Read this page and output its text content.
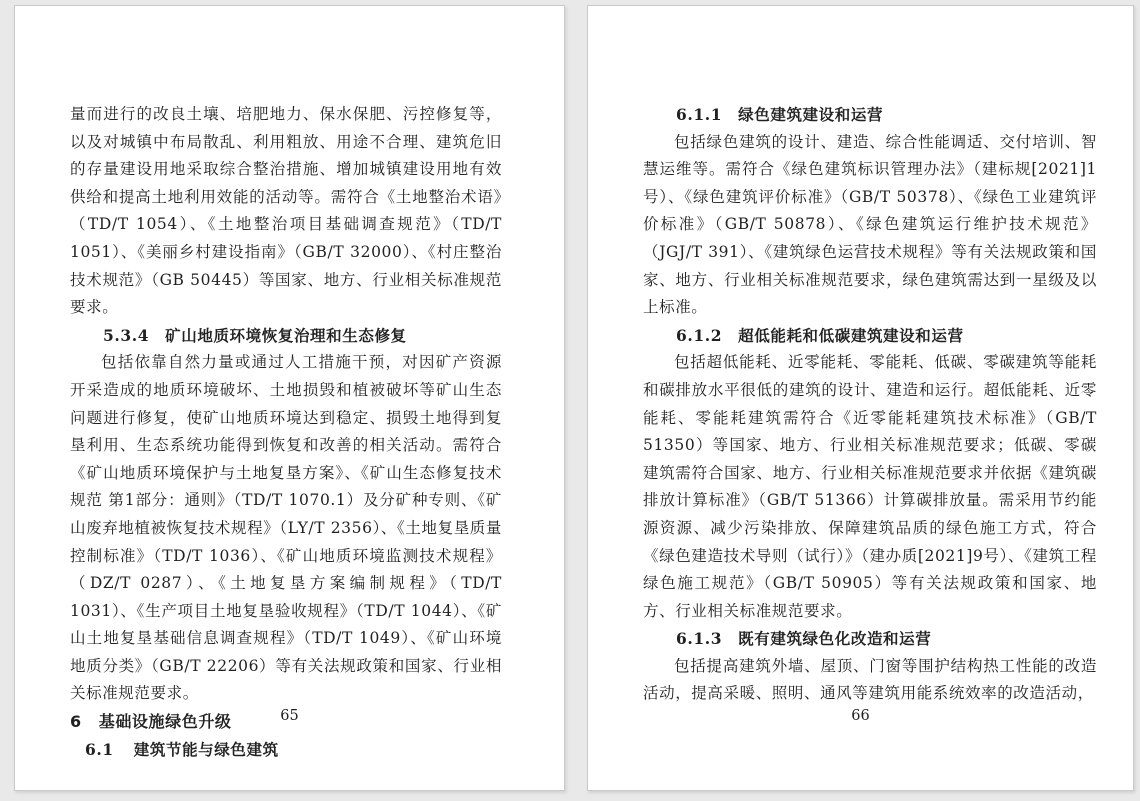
量而进行的改良土壤、培肥地力、保水保肥、污控修复等，以及对城镇中布局散乱、利用粗放、用途不合理、建筑危旧的存量建设用地采取综合整治措施、增加城镇建设用地有效供给和提高土地利用效能的活动等。需符合《土地整治术语》（TD/T 1054）、《土地整治项目基础调查规范》（TD/T 1051）、《美丽乡村建设指南》（GB/T 32000）、《村庄整治技术规范》（GB 50445）等国家、地方、行业相关标准规范要求。

5.3.4 矿山地质环境恢复治理和生态修复

包括依靠自然力量或通过人工措施干预，对因矿产资源开采造成的地质环境破坏、土地损毁和植被破坏等矿山生态问题进行修复，使矿山地质环境达到稳定、损毁土地得到复垦利用、生态系统功能得到恢复和改善的相关活动。需符合《矿山地质环境保护与土地复垦方案》、《矿山生态修复技术规范 第1部分：通则》（TD/T 1070.1）及分矿种专则、《矿山废弃地植被恢复技术规程》（LY/T 2356）、《土地复垦质量控制标准》（TD/T 1036）、《矿山地质环境监测技术规程》（DZ/T 0287）、《土地复垦方案编制规程》（TD/T 1031）、《生产项目土地复垦验收规程》（TD/T 1044）、《矿山土地复垦基础信息调查规程》（TD/T 1049）、《矿山环境地质分类》（GB/T 22206）等有关法规政策和国家、行业相关标准规范要求。

6 基础设施绿色升级
6.1 建筑节能与绿色建筑
65
6.1.1 绿色建筑建设和运营

包括绿色建筑的设计、建造、综合性能调适、交付培训、智慧运维等。需符合《绿色建筑标识管理办法》（建标规[2021]1号）、《绿色建筑评价标准》（GB/T 50378）、《绿色工业建筑评价标准》（GB/T 50878）、《绿色建筑运行维护技术规范》（JGJ/T 391）、《建筑绿色运营技术规程》等有关法规政策和国家、地方、行业相关标准规范要求，绿色建筑需达到一星级及以上标准。

6.1.2 超低能耗和低碳建筑建设和运营

包括超低能耗、近零能耗、零能耗、低碳、零碳建筑等能耗和碳排放水平很低的建筑的设计、建造和运行。超低能耗、近零能耗、零能耗建筑需符合《近零能耗建筑技术标准》（GB/T 51350）等国家、地方、行业相关标准规范要求；低碳、零碳建筑需符合国家、地方、行业相关标准规范要求并依据《建筑碳排放计算标准》（GB/T 51366）计算碳排放量。需采用节约能源资源、减少污染排放、保障建筑品质的绿色施工方式，符合《绿色建造技术导则（试行）》（建办质[2021]9号）、《建筑工程绿色施工规范》（GB/T 50905）等有关法规政策和国家、地方、行业相关标准规范要求。

6.1.3 既有建筑绿色化改造和运营

包括提高建筑外墙、屋顶、门窗等围护结构热工性能的改造活动，提高采暖、照明、通风等建筑用能系统效率的改造活动，

66
